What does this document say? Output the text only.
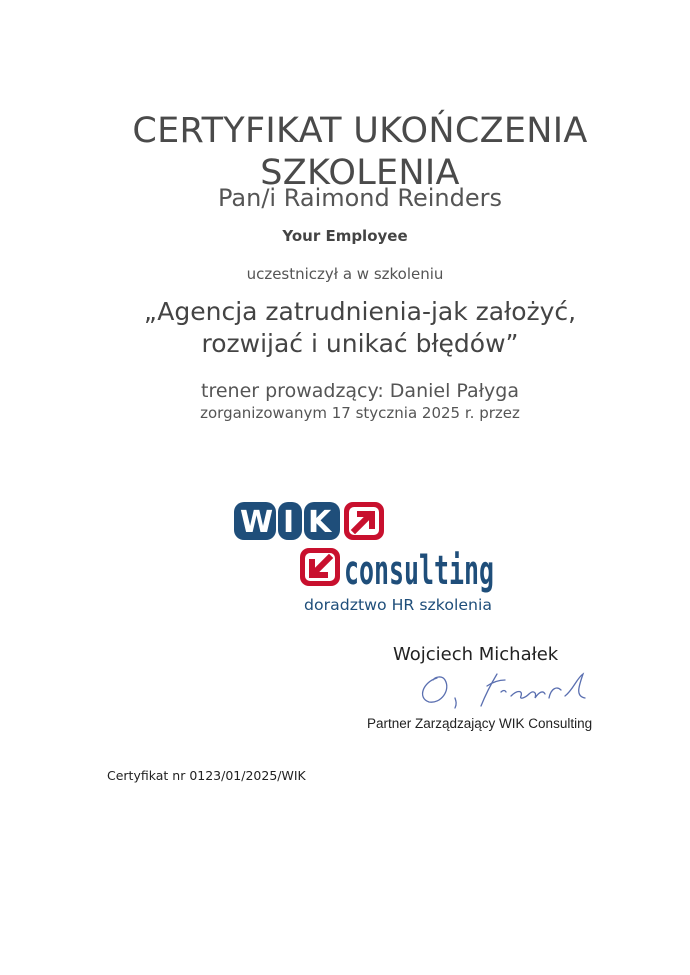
CERTYFIKAT UKOŃCZENIA SZKOLENIA
Pan/i Raimond Reinders
Your Employee
uczestniczył a w szkoleniu
„Agencja zatrudnienia-jak założyć,
rozwijać i unikać błędów”
trener prowadzący: Daniel Pałyga
zorganizowanym 17 stycznia 2025 r. przez
W I K
consulting
doradztwo HR szkolenia
Wojciech Michałek
Partner Zarządzający WIK Consulting
Certyfikat nr 0123/01/2025/WIK
